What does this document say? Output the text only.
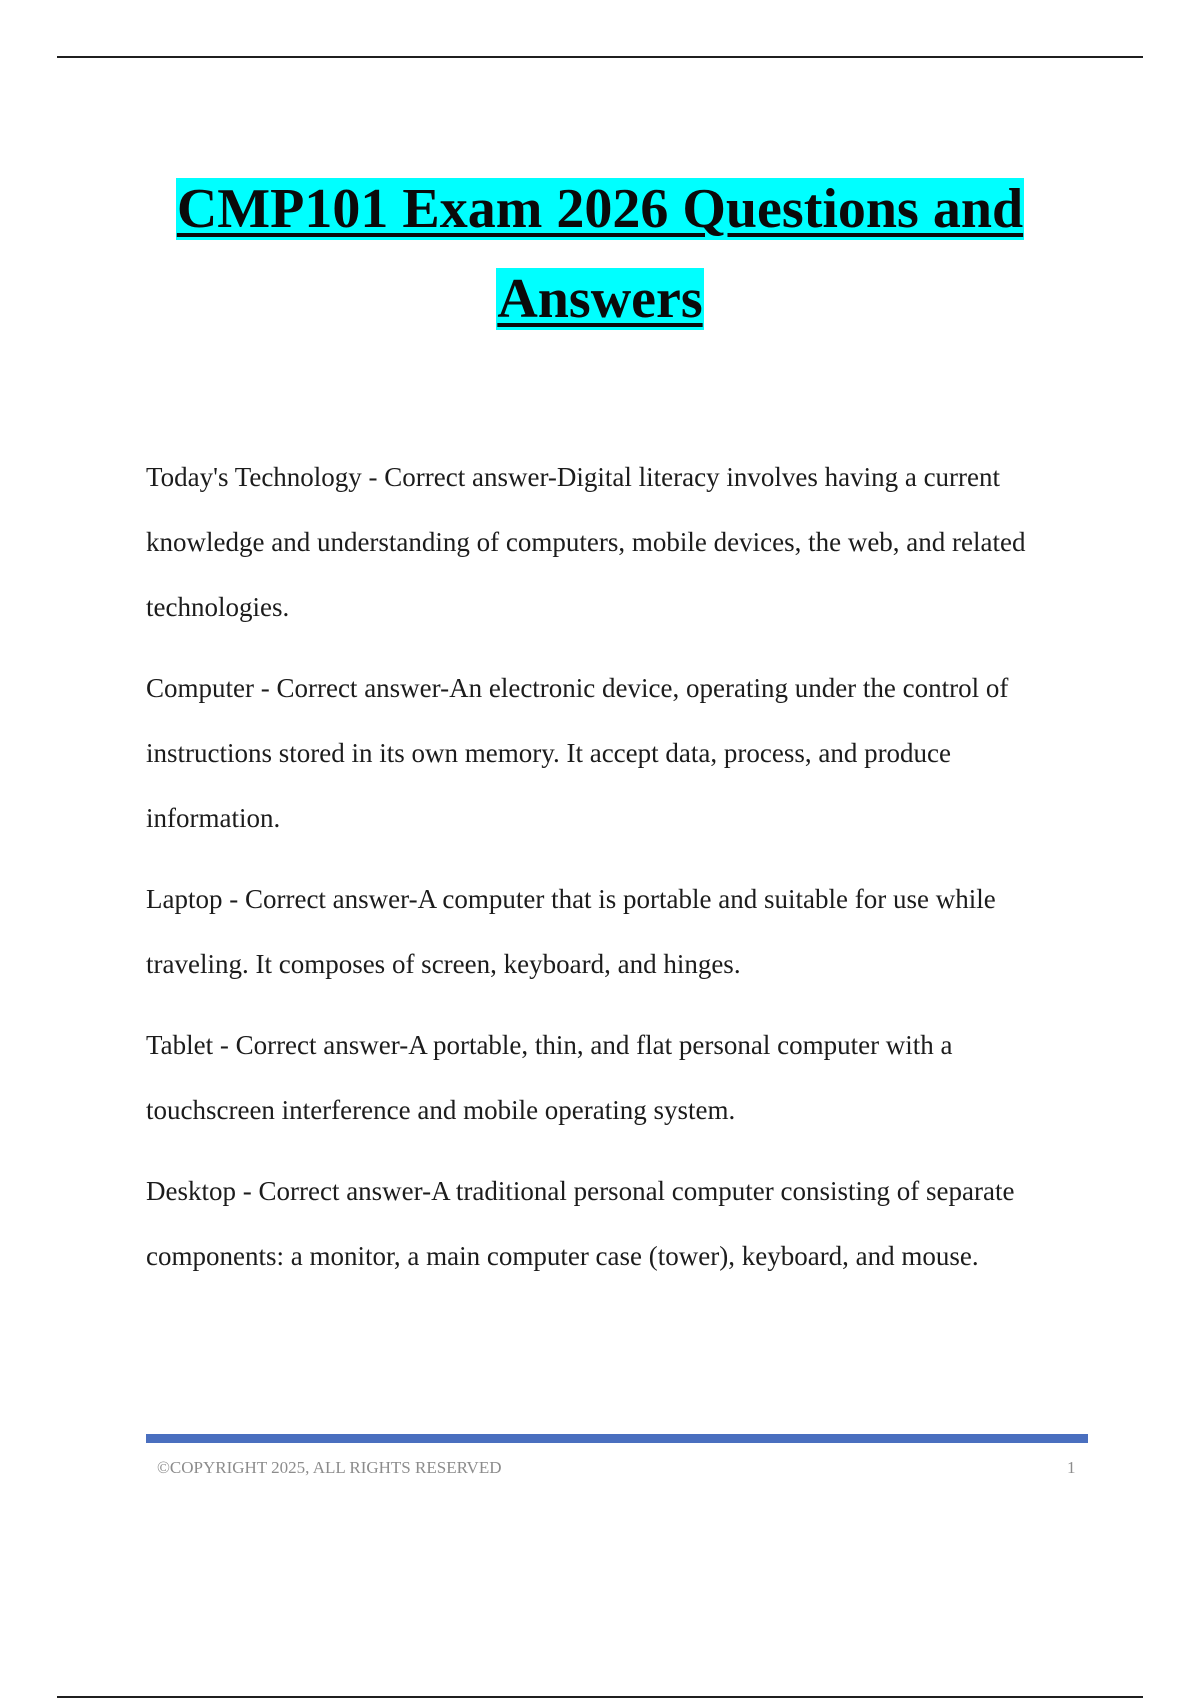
CMP101 Exam 2026 Questions and
Answers

Today's Technology - Correct answer-Digital literacy involves having a current knowledge and understanding of computers, mobile devices, the web, and related technologies.

Computer - Correct answer-An electronic device, operating under the control of instructions stored in its own memory. It accept data, process, and produce information.

Laptop - Correct answer-A computer that is portable and suitable for use while traveling. It composes of screen, keyboard, and hinges.

Tablet - Correct answer-A portable, thin, and flat personal computer with a touchscreen interference and mobile operating system.

Desktop - Correct answer-A traditional personal computer consisting of separate components: a monitor, a main computer case (tower), keyboard, and mouse.

©COPYRIGHT 2025, ALL RIGHTS RESERVED	1
